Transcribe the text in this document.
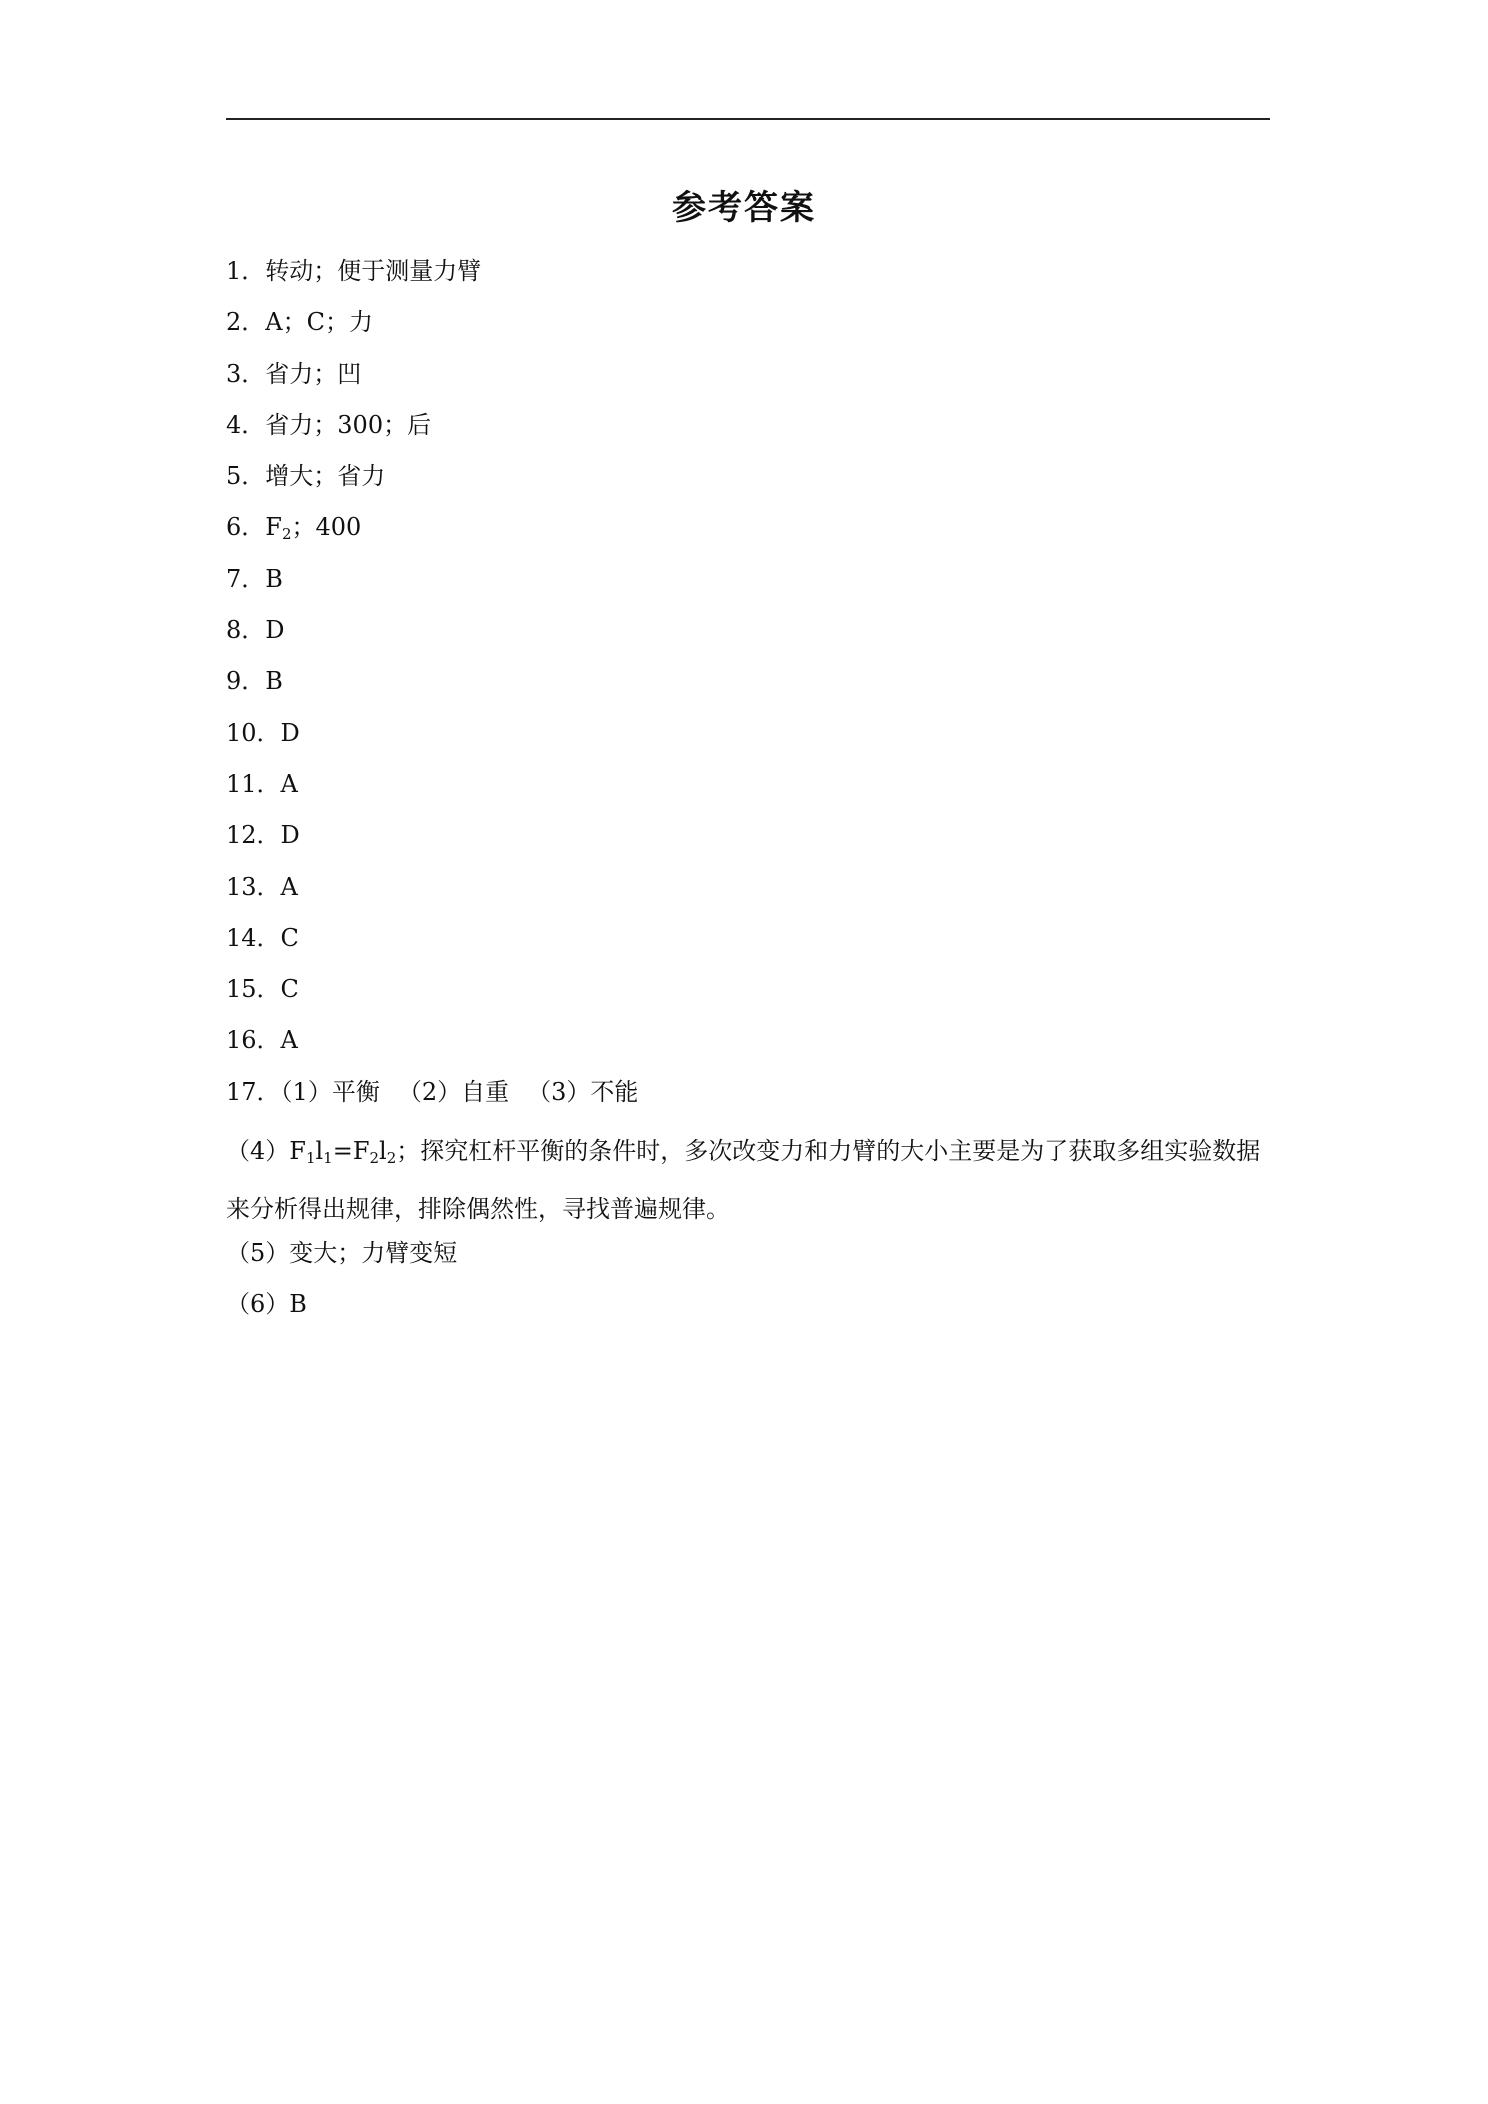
参考答案
1．转动；便于测量力臂
2．A；C；力
3．省力；凹
4．省力；300；后
5．增大；省力
6．$F_2$；400
7．B
8．D
9．B
10．D
11．A
12．D
13．A
14．C
15．C
16．A
17．（1）平衡 （2）自重 （3）不能
$(4)F_1l_1=F_2l_2$；探究杠杆平衡的条件时，多次改变力和力臂的大小主要是为了获取多组实验数据来分析得出规律，排除偶然性，寻找普遍规律。
（5）变大；力臂变短
（6）B
